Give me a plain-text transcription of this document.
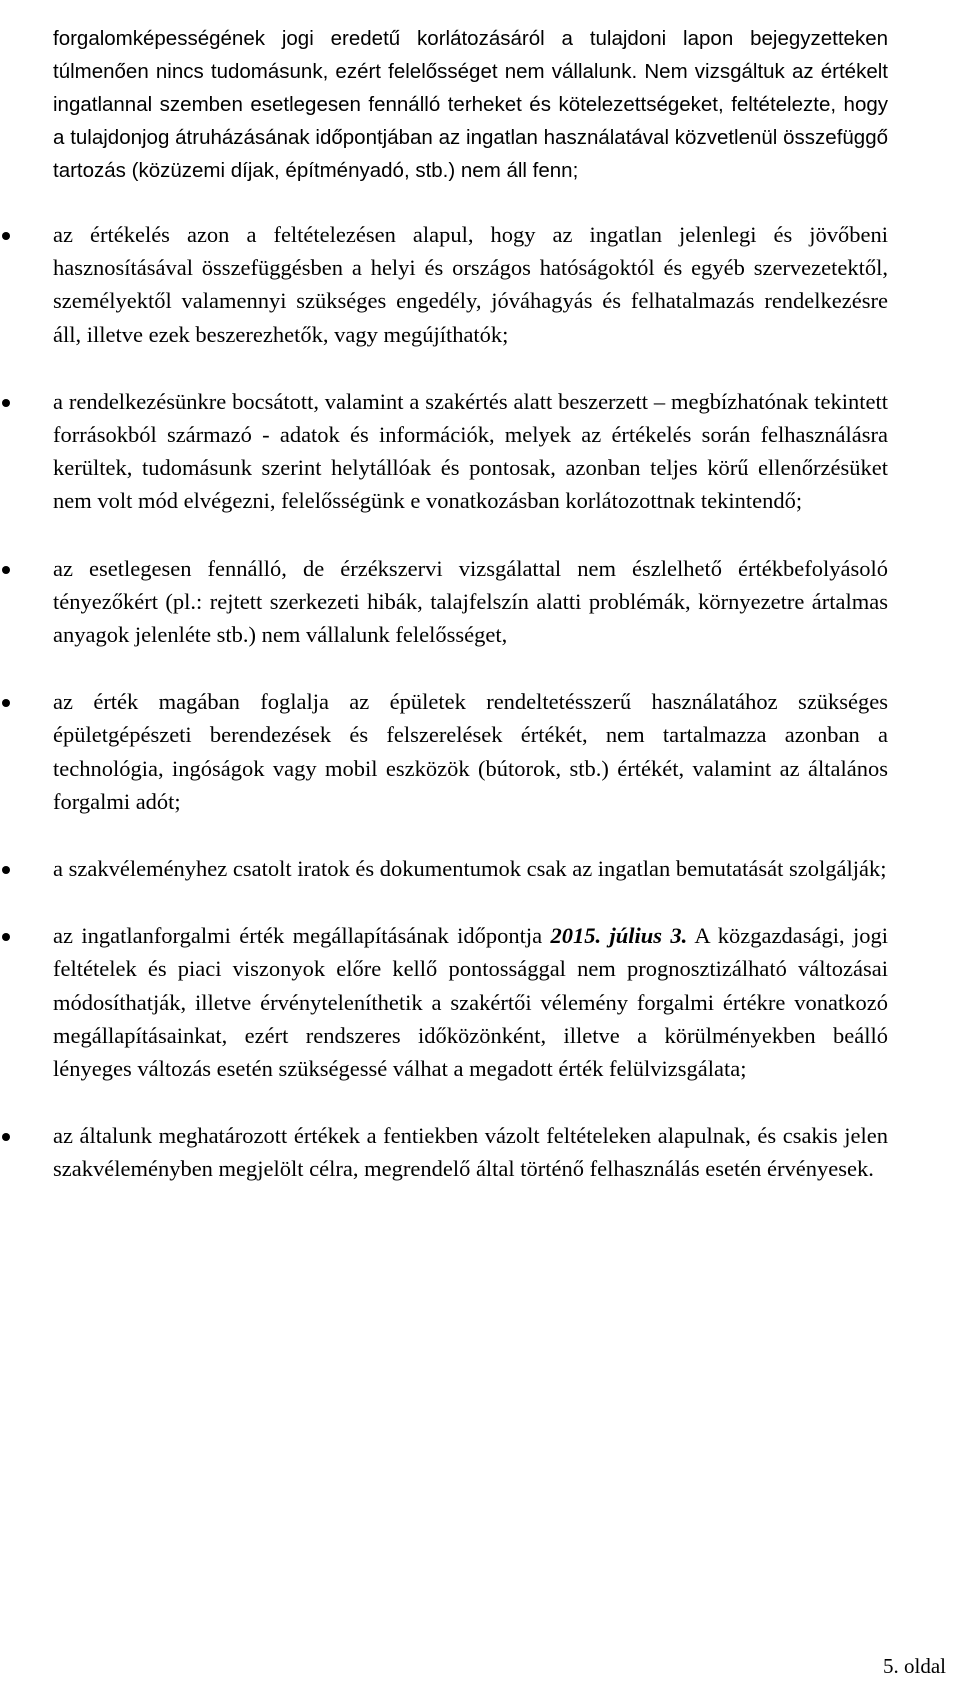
forgalomképességének jogi eredetű korlátozásáról a tulajdoni lapon bejegyzetteken túlmenően nincs tudomásunk, ezért felelősséget nem vállalunk. Nem vizsgáltuk az értékelt ingatlannal szemben esetlegesen fennálló terheket és kötelezettségeket, feltételezte, hogy a tulajdonjog átruházásának időpontjában az ingatlan használatával közvetlenül összefüggő tartozás (közüzemi díjak, építményadó, stb.) nem áll fenn;

az értékelés azon a feltételezésen alapul, hogy az ingatlan jelenlegi és jövőbeni hasznosításával összefüggésben a helyi és országos hatóságoktól és egyéb szervezetektől, személyektől valamennyi szükséges engedély, jóváhagyás és felhatalmazás rendelkezésre áll, illetve ezek beszerezhetők, vagy megújíthatók;
a rendelkezésünkre bocsátott, valamint a szakértés alatt beszerzett – megbízhatónak tekintett forrásokból származó - adatok és információk, melyek az értékelés során felhasználásra kerültek, tudomásunk szerint helytállóak és pontosak, azonban teljes körű ellenőrzésüket nem volt mód elvégezni, felelősségünk e vonatkozásban korlátozottnak tekintendő;
az esetlegesen fennálló, de érzékszervi vizsgálattal nem észlelhető értékbefolyásoló tényezőkért (pl.: rejtett szerkezeti hibák, talajfelszín alatti problémák, környezetre ártalmas anyagok jelenléte stb.) nem vállalunk felelősséget,
az érték magában foglalja az épületek rendeltetésszerű használatához szükséges épületgépészeti berendezések és felszerelések értékét, nem tartalmazza azonban a technológia, ingóságok vagy mobil eszközök (bútorok, stb.) értékét, valamint az általános forgalmi adót;
a szakvéleményhez csatolt iratok és dokumentumok csak az ingatlan bemutatását szolgálják;
az ingatlanforgalmi érték megállapításának időpontja 2015. július 3. A közgazdasági, jogi feltételek és piaci viszonyok előre kellő pontossággal nem prognosztizálható változásai módosíthatják, illetve érvényteleníthetik a szakértői vélemény forgalmi értékre vonatkozó megállapításainkat, ezért rendszeres időközönként, illetve a körülményekben beálló lényeges változás esetén szükségessé válhat a megadott érték felülvizsgálata;
az általunk meghatározott értékek a fentiekben vázolt feltételeken alapulnak, és csakis jelen szakvéleményben megjelölt célra, megrendelő által történő felhasználás esetén érvényesek.
5. oldal
